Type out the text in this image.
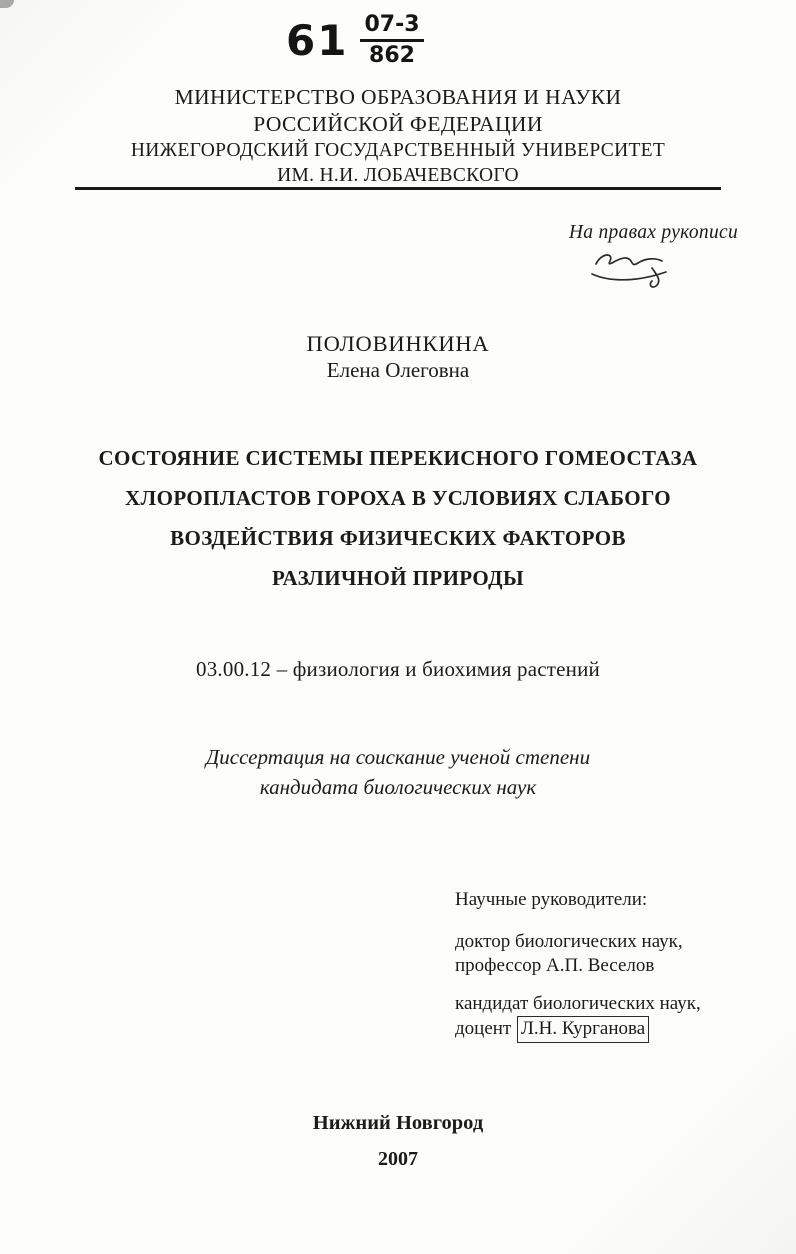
$61 \frac{07-3}{862}$
МИНИСТЕРСТВО ОБРАЗОВАНИЯ И НАУКИ
РОССИЙСКОЙ ФЕДЕРАЦИИ
НИЖЕГОРОДСКИЙ ГОСУДАРСТВЕННЫЙ УНИВЕРСИТЕТ
ИМ. Н.И. ЛОБАЧЕВСКОГО
На правах рукописи
ПОЛОВИНКИНА
Елена Олеговна
СОСТОЯНИЕ СИСТЕМЫ ПЕРЕКИСНОГО ГОМЕОСТАЗА
ХЛОРОПЛАСТОВ ГОРОХА В УСЛОВИЯХ СЛАБОГО
ВОЗДЕЙСТВИЯ ФИЗИЧЕСКИХ ФАКТОРОВ
РАЗЛИЧНОЙ ПРИРОДЫ
03.00.12 – физиология и биохимия растений
Диссертация на соискание ученой степени
кандидата биологических наук
Научные руководители:
доктор биологических наук,
профессор А.П. Веселов
кандидат биологических наук,
доцент Л.Н. Курганова
Нижний Новгород
2007
